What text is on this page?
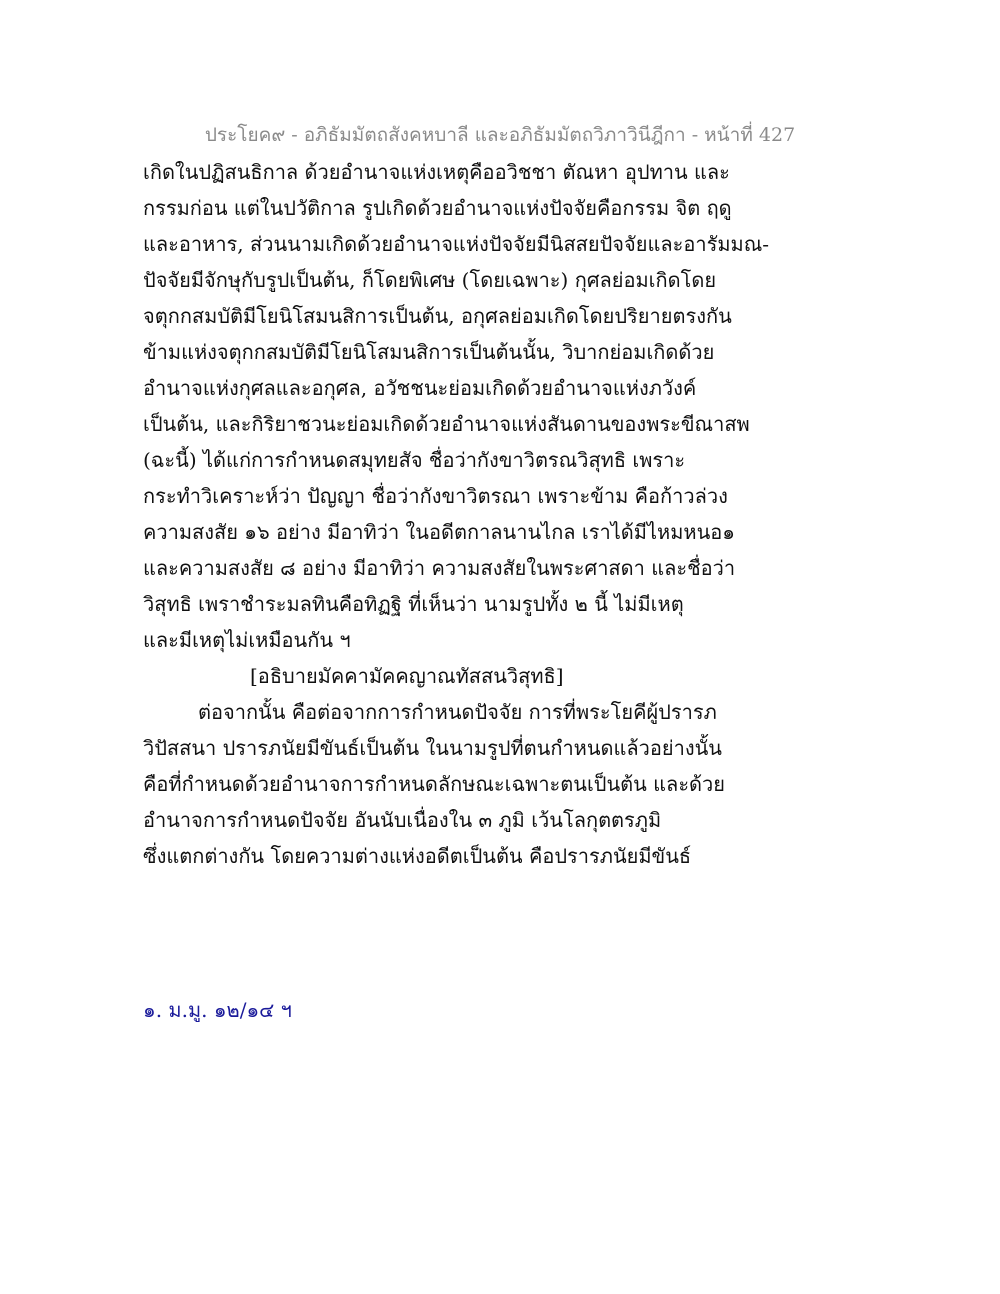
ประโยค๙ - อภิธัมมัตถสังคหบาลี และอภิธัมมัตถวิภาวินีฎีกา - หน้าที่ 427
เกิดในปฏิสนธิกาล ด้วยอำนาจแห่งเหตุคืออวิชชา ตัณหา อุปทาน และ
กรรมก่อน แต่ในปวัติกาล รูปเกิดด้วยอำนาจแห่งปัจจัยคือกรรม จิต ฤดู
และอาหาร, ส่วนนามเกิดด้วยอำนาจแห่งปัจจัยมีนิสสยปัจจัยและอารัมมณ-
ปัจจัยมีจักษุกับรูปเป็นต้น, ก็โดยพิเศษ (โดยเฉพาะ) กุศลย่อมเกิดโดย
จตุกกสมบัติมีโยนิโสมนสิการเป็นต้น, อกุศลย่อมเกิดโดยปริยายตรงกัน
ข้ามแห่งจตุกกสมบัติมีโยนิโสมนสิการเป็นต้นนั้น, วิบากย่อมเกิดด้วย
อำนาจแห่งกุศลและอกุศล, อวัชชนะย่อมเกิดด้วยอำนาจแห่งภวังค์
เป็นต้น, และกิริยาชวนะย่อมเกิดด้วยอำนาจแห่งสันดานของพระขีณาสพ
(ฉะนี้) ได้แก่การกำหนดสมุทยสัจ ชื่อว่ากังขาวิตรณวิสุทธิ เพราะ
กระทำวิเคราะห์ว่า ปัญญา ชื่อว่ากังขาวิตรณา เพราะข้าม คือก้าวล่วง
ความสงสัย ๑๖ อย่าง มีอาทิว่า ในอดีตกาลนานไกล เราได้มีไหมหนอ๑
และความสงสัย ๘ อย่าง มีอาทิว่า ความสงสัยในพระศาสดา และชื่อว่า
วิสุทธิ เพราชำระมลทินคือทิฏฐิ ที่เห็นว่า นามรูปทั้ง ๒ นี้ ไม่มีเหตุ
และมีเหตุไม่เหมือนกัน ฯ
[อธิบายมัคคามัคคญาณทัสสนวิสุทธิ]
ต่อจากนั้น คือต่อจากการกำหนดปัจจัย การที่พระโยคีผู้ปรารภ
วิปัสสนา ปรารภนัยมีขันธ์เป็นต้น ในนามรูปที่ตนกำหนดแล้วอย่างนั้น
คือที่กำหนดด้วยอำนาจการกำหนดลักษณะเฉพาะตนเป็นต้น และด้วย
อำนาจการกำหนดปัจจัย อันนับเนื่องใน ๓ ภูมิ เว้นโลกุตตรภูมิ
ซึ่งแตกต่างกัน โดยความต่างแห่งอดีตเป็นต้น คือปรารภนัยมีขันธ์
๑. ม.มู. ๑๒/๑๔ ฯ
